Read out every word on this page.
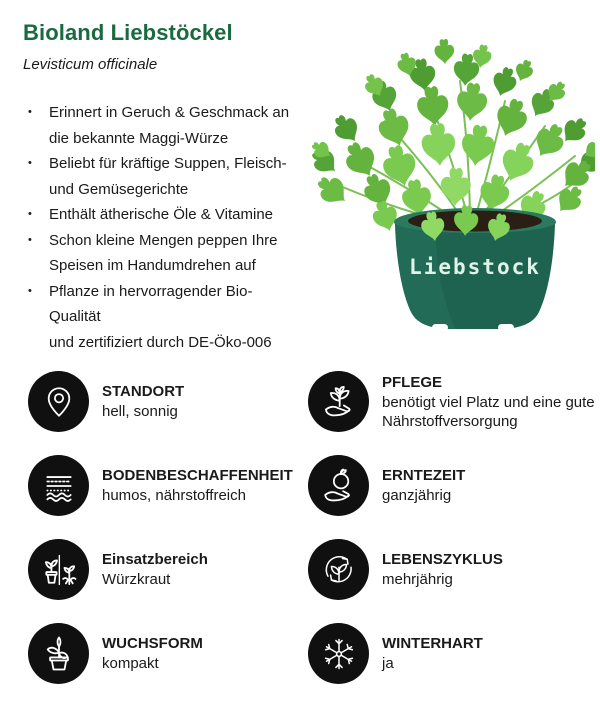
Bioland Liebstöckel
Levisticum officinale
•	Erinnert in Geruch & Geschmack an
die bekannte Maggi-Würze
•	Beliebt für kräftige Suppen, Fleisch-
und Gemüsegerichte
•	Enthält ätherische Öle & Vitamine
•	Schon kleine Mengen peppen Ihre
Speisen im Handumdrehen auf
•	Pflanze in hervorragender Bio-Qualität
und zertifiziert durch DE-Öko-006
Liebstock
STANDORT
hell, sonnig
PFLEGE
benötigt viel Platz und eine gute
Nährstoffversorgung
BODENBESCHAFFENHEIT
humos, nährstoffreich
ERNTEZEIT
ganzjährig
Einsatzbereich
Würzkraut
LEBENSZYKLUS
mehrjährig
WUCHSFORM
kompakt
WINTERHART
ja
